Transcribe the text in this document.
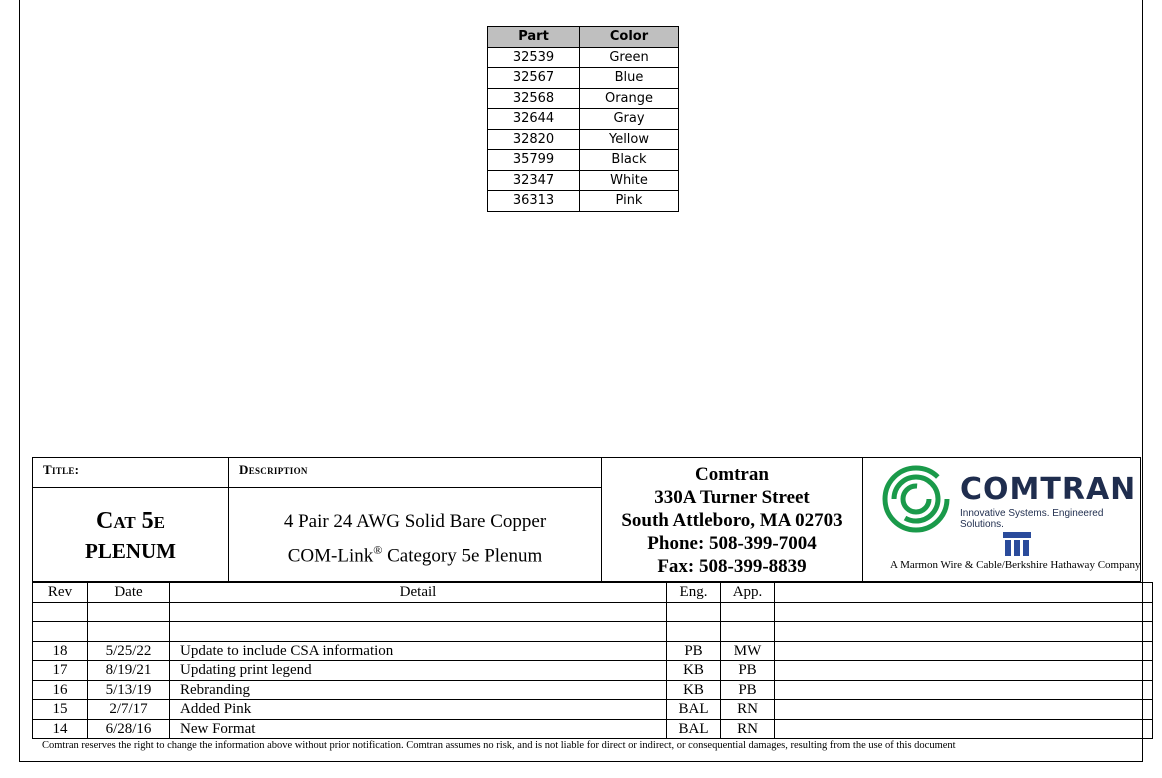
Part	Color
32539	Green
32567	Blue
32568	Orange
32644	Gray
32820	Yellow
35799	Black
32347	White
36313	Pink
Title:
Cat 5e
PLENUM
Description
4 Pair 24 AWG Solid Bare Copper
COM-Link® Category 5e Plenum
Comtran
330A Turner Street
South Attleboro, MA 02703
Phone: 508-399-7004
Fax: 508-399-8839
COMTRAN
Innovative Systems. Engineered Solutions.
A Marmon Wire & Cable/Berkshire Hathaway Company
Rev	Date	Detail	Eng.	App.	

18	5/25/22	Update to include CSA information	PB	MW	
17	8/19/21	Updating print legend	KB	PB	
16	5/13/19	Rebranding	KB	PB	
15	2/7/17	Added Pink	BAL	RN	
14	6/28/16	New Format	BAL	RN	
Comtran reserves the right to change the information above without prior notification. Comtran assumes no risk, and is not liable for direct or indirect, or consequential damages, resulting from the use of this document
